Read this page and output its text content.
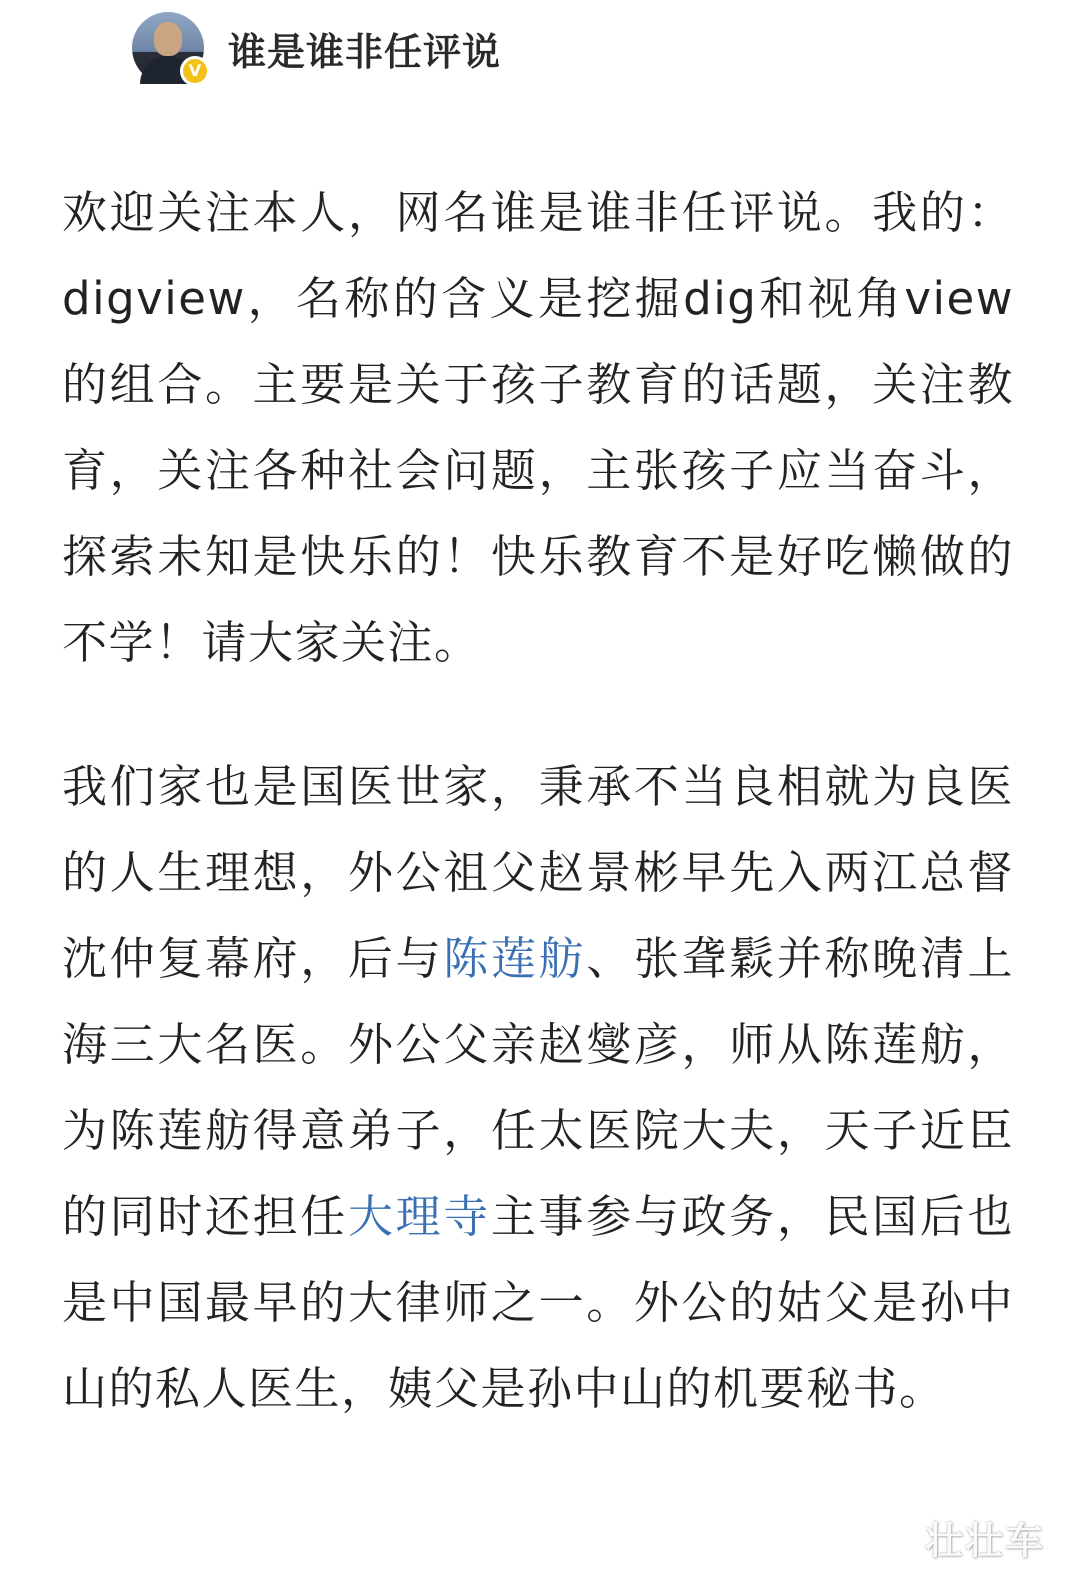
V 谁是谁非任评说

欢迎关注本人，网名谁是谁非任评说。我的： digview，名称的含义是挖掘dig和视角view的组合。主要是关于孩子教育的话题，关注教育，关注各种社会问题，主张孩子应当奋斗，探索未知是快乐的！快乐教育不是好吃懒做的不学！请大家关注。

我们家也是国医世家，秉承不当良相就为良医的人生理想，外公祖父赵景彬早先入两江总督沈仲复幕府，后与陈莲舫、张聋鬏并称晚清上海三大名医。外公父亲赵燮彦，师从陈莲舫，为陈莲舫得意弟子，任太医院大夫，天子近臣的同时还担任大理寺主事参与政务，民国后也是中国最早的大律师之一。外公的姑父是孙中山的私人医生，姨父是孙中山的机要秘书。

壮壮车
